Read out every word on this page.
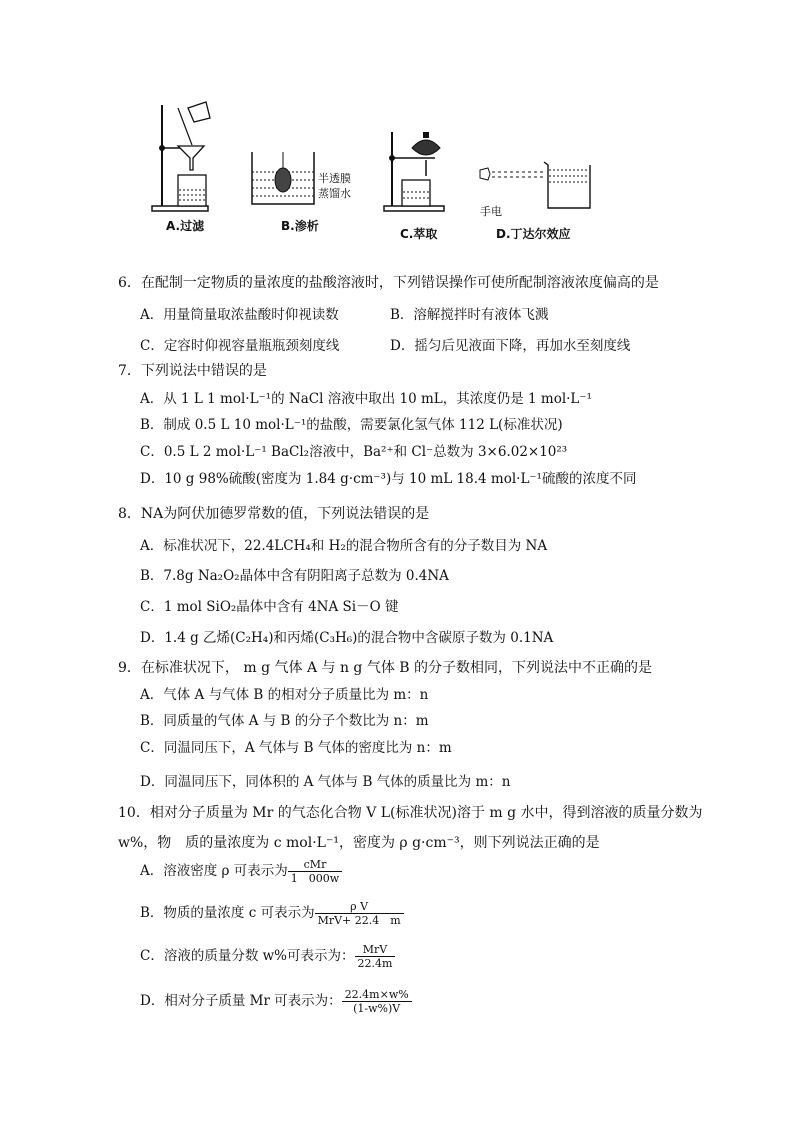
A.过滤
半透膜
蒸馏水
B.渗析
C.萃取
手电
D.丁达尔效应
6．在配制一定物质的量浓度的盐酸溶液时，下列错误操作可使所配制溶液浓度偏高的是
A．用量筒量取浓盐酸时仰视读数	B．溶解搅拌时有液体飞溅
C．定容时仰视容量瓶瓶颈刻度线	D．摇匀后见液面下降，再加水至刻度线
7．下列说法中错误的是
A．从 1 L 1 mol·L⁻¹的 NaCl 溶液中取出 10 mL，其浓度仍是 1 mol·L⁻¹
B．制成 0.5 L 10 mol·L⁻¹的盐酸，需要氯化氢气体 112 L(标准状况)
C．0.5 L 2 mol·L⁻¹ BaCl₂溶液中，Ba²⁺和 Cl⁻总数为 3×6.02×10²³
D．10 g 98%硫酸(密度为 1.84 g·cm⁻³)与 10 mL 18.4 mol·L⁻¹硫酸的浓度不同
8．NA为阿伏加德罗常数的值，下列说法错误的是
A．标准状况下，22.4LCH₄和 H₂的混合物所含有的分子数目为 NA
B．7.8g Na₂O₂晶体中含有阴阳离子总数为 0.4NA
C．1 mol SiO₂晶体中含有 4NA Si－O 键
D．1.4 g 乙烯(C₂H₄)和丙烯(C₃H₆)的混合物中含碳原子数为 0.1NA
9．在标准状况下， m g 气体 A 与 n g 气体 B 的分子数相同，下列说法中不正确的是
A．气体 A 与气体 B 的相对分子质量比为 m：n
B．同质量的气体 A 与 B 的分子个数比为 n：m
C．同温同压下，A 气体与 B 气体的密度比为 n：m
D．同温同压下，同体积的 A 气体与 B 气体的质量比为 m：n
10．相对分子质量为 Mr 的气态化合物 V L(标准状况)溶于 m g 水中，得到溶液的质量分数为
w%，物　质的量浓度为 c mol·L⁻¹，密度为 ρ g·cm⁻³，则下列说法正确的是
A．溶液密度 ρ 可表示为 $\frac{\text{cMr}}{1 000w}$
B．物质的量浓度 c 可表示为 $\frac{\text{ρ V}}{\text{MrV+ 22.4　m}}$
C．溶液的质量分数 w%可表示为： $\frac{\text{MrV}}{22.4m}$
D．相对分子质量 Mr 可表示为： $\frac{22.4m\times w\%}{(1-w\%)V}$
